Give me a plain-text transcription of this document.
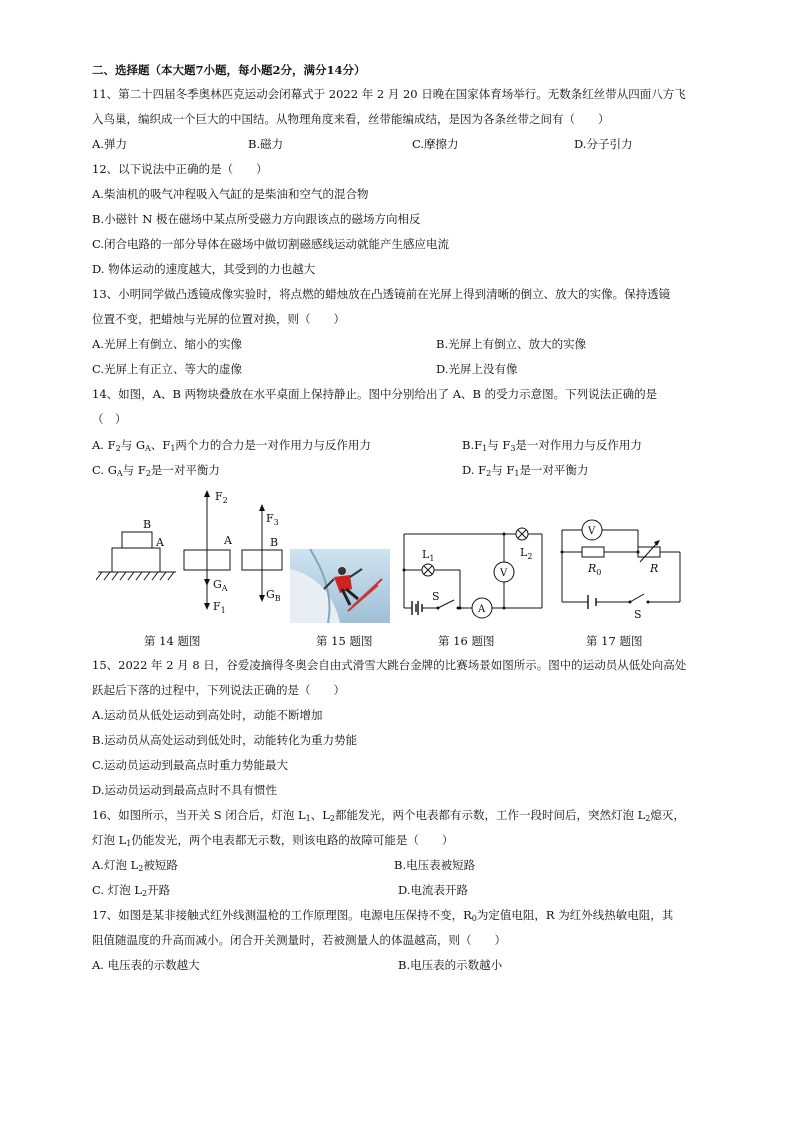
二、选择题（本大题7小题，每小题2分，满分14分）
11、第二十四届冬季奥林匹克运动会闭幕式于 2022 年 2 月 20 日晚在国家体育场举行。无数条红丝带从四面八方飞
入鸟巢，编织成一个巨大的中国结。从物理角度来看，丝带能编成结，是因为各条丝带之间有（　　）
A.弹力	B.磁力	C.摩擦力	D.分子引力
12、以下说法中正确的是（　　）
A.柴油机的吸气冲程吸入气缸的是柴油和空气的混合物
B.小磁针 N 极在磁场中某点所受磁力方向跟该点的磁场方向相反
C.闭合电路的一部分导体在磁场中做切割磁感线运动就能产生感应电流
D. 物体运动的速度越大，其受到的力也越大
13、小明同学做凸透镜成像实验时，将点燃的蜡烛放在凸透镜前在光屏上得到清晰的倒立、放大的实像。保持透镜
位置不变，把蜡烛与光屏的位置对换，则（　　）
A.光屏上有倒立、缩小的实像	B.光屏上有倒立、放大的实像
C.光屏上有正立、等大的虚像	D.光屏上没有像
14、如图，A、B 两物块叠放在水平桌面上保持静止。图中分别给出了 A、B 的受力示意图。下列说法正确的是
（　）
A. $F_2$与 $G_A$、$F_1$两个力的合力是一对作用力与反作用力	$B.F_1$与 $F_3$是一对作用力与反作用力
C. $G_A$与 $F_2$是一对平衡力	D. $F_2$与 $F_1$是一对平衡力
B
A
$F_2$
A
$G_A$
$F_1$
$F_3$
B
$G_B$
第 14 题图	第 15 题图
$L_1$	$L_2$
V
A
S
第 16 题图
V
$R_0$	R
S
第 17 题图
15、2022 年 2 月 8 日，谷爱凌摘得冬奥会自由式滑雪大跳台金牌的比赛场景如图所示。图中的运动员从低处向高处
跃起后下落的过程中，下列说法正确的是（　　）
A.运动员从低处运动到高处时，动能不断增加
B.运动员从高处运动到低处时，动能转化为重力势能
C.运动员运动到最高点时重力势能最大
D.运动员运动到最高点时不具有惯性
16、如图所示，当开关 S 闭合后，灯泡 $L_1$、$L_2$都能发光，两个电表都有示数，工作一段时间后，突然灯泡 $L_2$熄灭，
灯泡 $L_1$仍能发光，两个电表都无示数，则该电路的故障可能是（　　）
A.灯泡 $L_2$被短路	B.电压表被短路
C. 灯泡 $L_2$开路	D.电流表开路
17、如图是某非接触式红外线测温枪的工作原理图。电源电压保持不变，$R_0$为定值电阻，R 为红外线热敏电阻，其
阻值随温度的升高而减小。闭合开关测量时，若被测量人的体温越高，则（　　）
A. 电压表的示数越大	B.电压表的示数越小
